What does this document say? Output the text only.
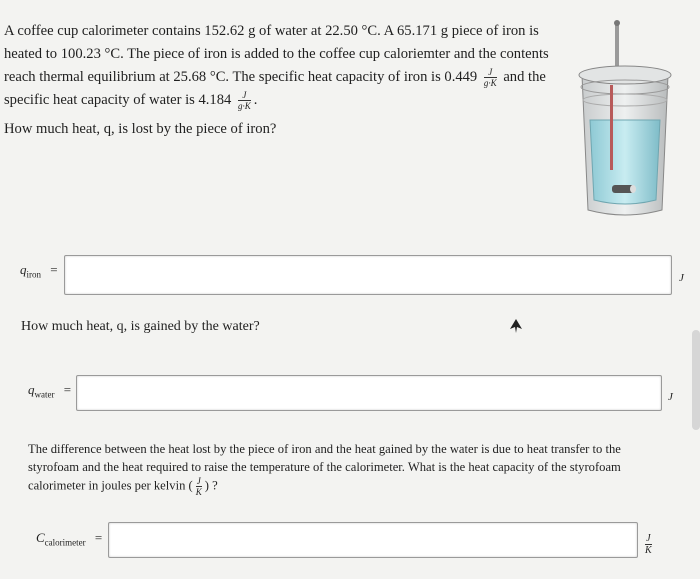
A coffee cup calorimeter contains 152.62 g of water at 22.50 °C. A 65.171 g piece of iron is
heated to 100.23 °C. The piece of iron is added to the coffee cup caloriemter and the contents
reach thermal equilibrium at 25.68 °C. The specific heat capacity of iron is $0.449 \frac{J}{g\cdot K}$ and the
specific heat capacity of water is $4.184 \frac{J}{g\cdot K}$ .
How much heat, q, is lost by the piece of iron?
$q_{iron}$ =
J
How much heat, q, is gained by the water?
$q_{water}$ =	J
The difference between the heat lost by the piece of iron and the heat gained by the water is due to heat transfer to the
styrofoam and the heat required to raise the temperature of the calorimeter. What is the heat capacity of the styrofoam
calorimeter in joules per kelvin ( $\frac{J}{K}$ ) ?
$C_{calorimeter}$ =	$\frac{J}{K}$
